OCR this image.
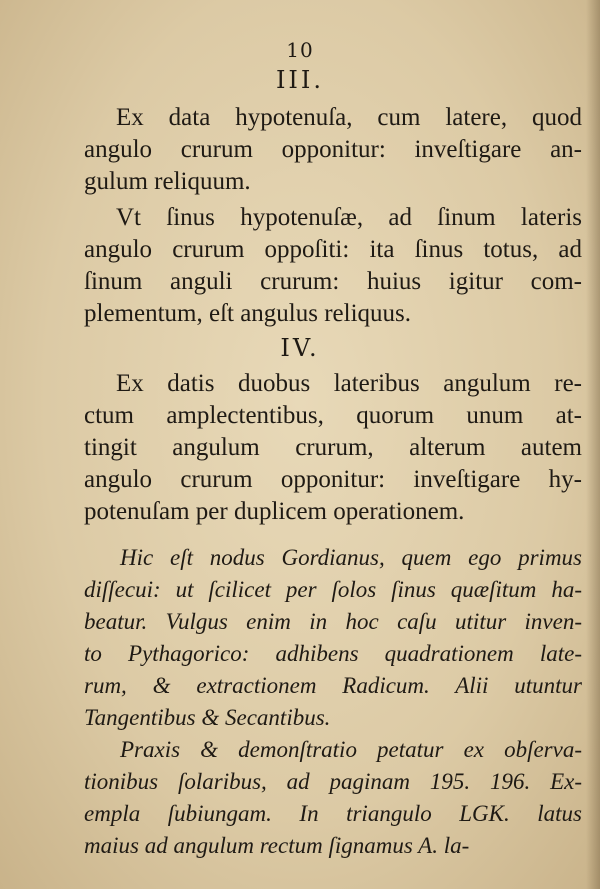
10
III.
Ex data hypotenuſa, cum latere, quod
angulo crurum opponitur: inveſtigare an-
gulum reliquum.
Vt ſinus hypotenuſæ, ad ſinum lateris
angulo crurum oppoſiti: ita ſinus totus, ad
ſinum anguli crurum: huius igitur com-
plementum, eſt angulus reliquus.
IV.
Ex datis duobus lateribus angulum re-
ctum amplectentibus, quorum unum at-
tingit angulum crurum, alterum autem
angulo crurum opponitur: inveſtigare hy-
potenuſam per duplicem operationem.
Hic eſt nodus Gordianus, quem ego primus
diſſecui: ut ſcilicet per ſolos ſinus quæſitum ha-
beatur. Vulgus enim in hoc caſu utitur inven-
to Pythagorico: adhibens quadrationem late-
rum, & extractionem Radicum. Alii utuntur
Tangentibus & Secantibus.
Praxis & demonſtratio petatur ex obſerva-
tionibus ſolaribus, ad paginam 195. 196. Ex-
empla ſubiungam. In triangulo LGK. latus
maius ad angulum rectum ſignamus A. la-
